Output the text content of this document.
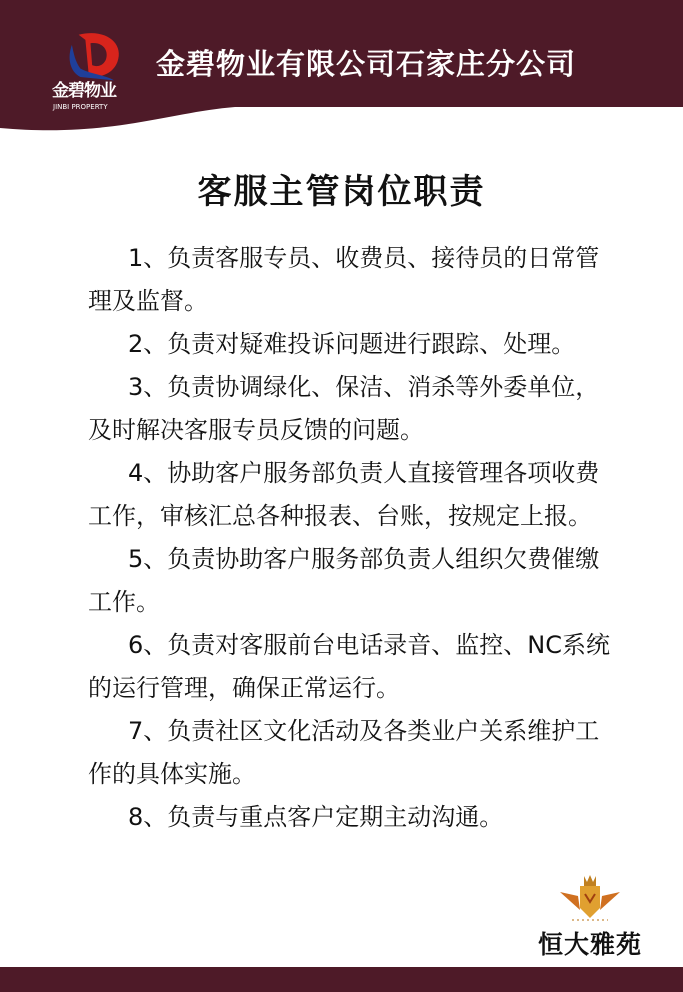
金碧物业
JINBI PROPERTY
金碧物业有限公司石家庄分公司
客服主管岗位职责

1、负责客服专员、收费员、接待员的日常管理及监督。

2、负责对疑难投诉问题进行跟踪、处理。

3、负责协调绿化、保洁、消杀等外委单位，及时解决客服专员反馈的问题。

4、协助客户服务部负责人直接管理各项收费工作，审核汇总各种报表、台账，按规定上报。

5、负责协助客户服务部负责人组织欠费催缴工作。

6、负责对客服前台电话录音、监控、NC系统的运行管理，确保正常运行。

7、负责社区文化活动及各类业户关系维护工作的具体实施。

8、负责与重点客户定期主动沟通。

恒大雅苑
